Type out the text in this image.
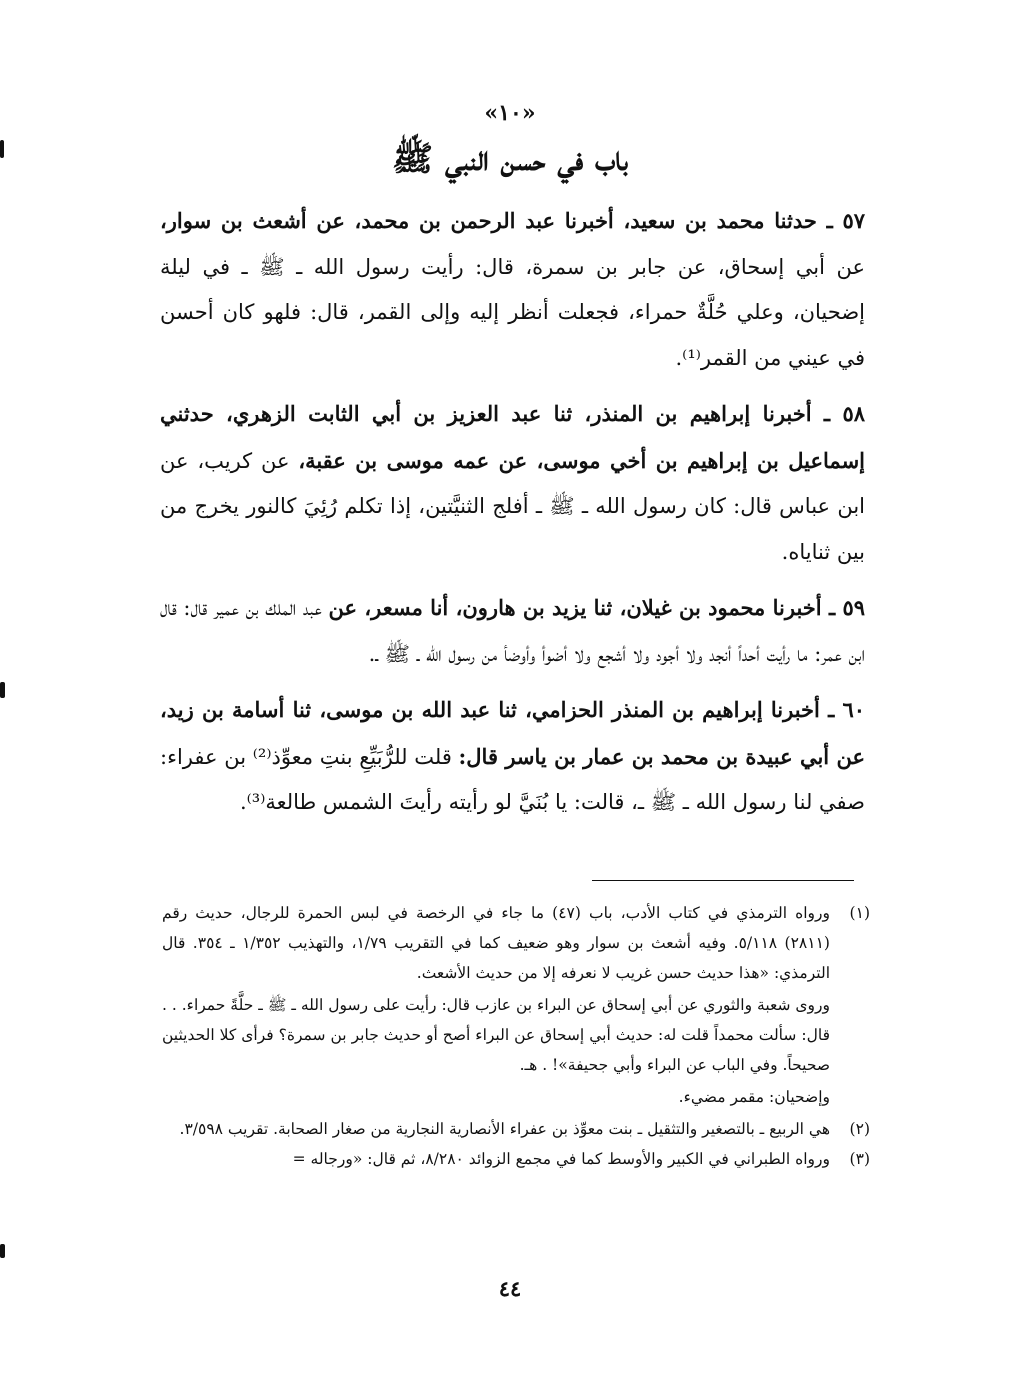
«١٠»
باب في حسن النبي ﷺ

٥٧ ـ حدثنا محمد بن سعيد، أخبرنا عبد الرحمن بن محمد، عن أشعث بن سوار، عن أبي إسحاق، عن جابر بن سمرة، قال: رأيت رسول الله ـ ﷺ ـ في ليلة إضحيان، وعلي حُلَّةٌ حمراء، فجعلت أنظر إليه وإلى القمر، قال: فلهو كان أحسن في عيني من القمر⁽¹⁾.

٥٨ ـ أخبرنا إبراهيم بن المنذر، ثنا عبد العزيز بن أبي الثابت الزهري، حدثني إسماعيل بن إبراهيم بن أخي موسى، عن عمه موسى بن عقبة، عن كريب، عن ابن عباس قال: كان رسول الله ـ ﷺ ـ أفلج الثنيَّتين، إذا تكلم رُئِيَ كالنور يخرج من بين ثناياه.

٥٩ ـ أخبرنا محمود بن غيلان، ثنا يزيد بن هارون، أنا مسعر، عن عبد الملك بن عمير قال: قال ابن عمر: ما رأيت أحداً أنجد ولا أجود ولا أشجع ولا أضوأ وأوضأ من رسول الله ـ ﷺ ـ.

٦٠ ـ أخبرنا إبراهيم بن المنذر الحزامي، ثنا عبد الله بن موسى، ثنا أسامة بن زيد، عن أبي عبيدة بن محمد بن عمار بن ياسر قال: قلت للرُّبَيِّعِ بنتِ معوِّذ⁽²⁾ بن عفراء: صفي لنا رسول الله ـ ﷺ ـ، قالت: يا بُنَيَّ لو رأيته رأيتَ الشمس طالعة⁽³⁾.

(١)
ورواه الترمذي في كتاب الأدب، باب (٤٧) ما جاء في الرخصة في لبس الحمرة للرجال، حديث رقم (٢٨١١) ٥/١١٨. وفيه أشعث بن سوار وهو ضعيف كما في التقريب ١/٧٩، والتهذيب ١/٣٥٢ ـ ٣٥٤. قال الترمذي: «هذا حديث حسن غريب لا نعرفه إلا من حديث الأشعث.
وروى شعبة والثوري عن أبي إسحاق عن البراء بن عازب قال: رأيت على رسول الله ـ ﷺ ـ حلَّةً حمراء. . . قال: سألت محمداً قلت له: حديث أبي إسحاق عن البراء أصح أو حديث جابر بن سمرة؟ فرأى كلا الحديثين صحيحاً. وفي الباب عن البراء وأبي جحيفة»! . هـ.
وإضحيان: مقمر مضيء.
(٢)
هي الربيع ـ بالتصغير والتثقيل ـ بنت معوِّذ بن عفراء الأنصارية النجارية من صغار الصحابة. تقريب ٣/٥٩٨.
(٣)
ورواه الطبراني في الكبير والأوسط كما في مجمع الزوائد ٨/٢٨٠، ثم قال: «ورجاله =
٤٤
